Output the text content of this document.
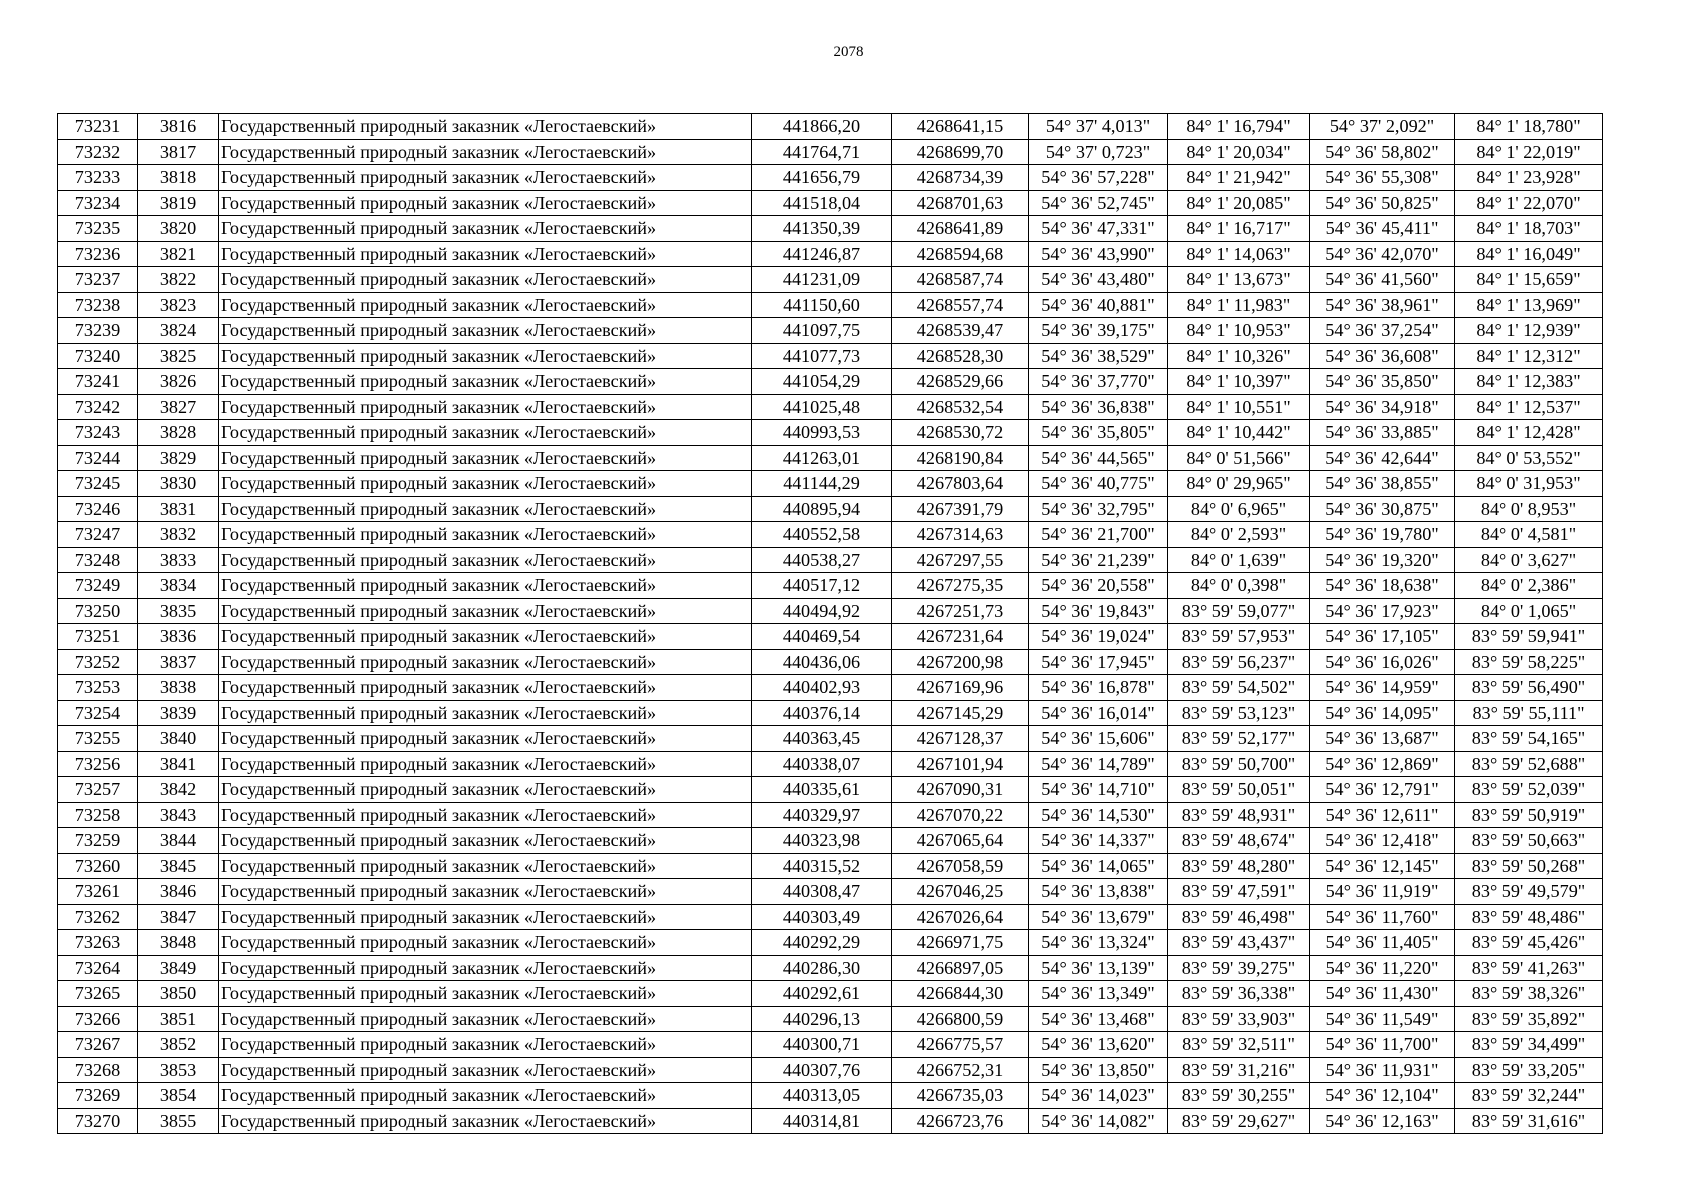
2078
73231	3816	Государственный природный заказник «Легостаевский»	441866,20	4268641,15	54° 37' 4,013"	84° 1' 16,794"	54° 37' 2,092"	84° 1' 18,780"
73232	3817	Государственный природный заказник «Легостаевский»	441764,71	4268699,70	54° 37' 0,723"	84° 1' 20,034"	54° 36' 58,802"	84° 1' 22,019"
73233	3818	Государственный природный заказник «Легостаевский»	441656,79	4268734,39	54° 36' 57,228"	84° 1' 21,942"	54° 36' 55,308"	84° 1' 23,928"
73234	3819	Государственный природный заказник «Легостаевский»	441518,04	4268701,63	54° 36' 52,745"	84° 1' 20,085"	54° 36' 50,825"	84° 1' 22,070"
73235	3820	Государственный природный заказник «Легостаевский»	441350,39	4268641,89	54° 36' 47,331"	84° 1' 16,717"	54° 36' 45,411"	84° 1' 18,703"
73236	3821	Государственный природный заказник «Легостаевский»	441246,87	4268594,68	54° 36' 43,990"	84° 1' 14,063"	54° 36' 42,070"	84° 1' 16,049"
73237	3822	Государственный природный заказник «Легостаевский»	441231,09	4268587,74	54° 36' 43,480"	84° 1' 13,673"	54° 36' 41,560"	84° 1' 15,659"
73238	3823	Государственный природный заказник «Легостаевский»	441150,60	4268557,74	54° 36' 40,881"	84° 1' 11,983"	54° 36' 38,961"	84° 1' 13,969"
73239	3824	Государственный природный заказник «Легостаевский»	441097,75	4268539,47	54° 36' 39,175"	84° 1' 10,953"	54° 36' 37,254"	84° 1' 12,939"
73240	3825	Государственный природный заказник «Легостаевский»	441077,73	4268528,30	54° 36' 38,529"	84° 1' 10,326"	54° 36' 36,608"	84° 1' 12,312"
73241	3826	Государственный природный заказник «Легостаевский»	441054,29	4268529,66	54° 36' 37,770"	84° 1' 10,397"	54° 36' 35,850"	84° 1' 12,383"
73242	3827	Государственный природный заказник «Легостаевский»	441025,48	4268532,54	54° 36' 36,838"	84° 1' 10,551"	54° 36' 34,918"	84° 1' 12,537"
73243	3828	Государственный природный заказник «Легостаевский»	440993,53	4268530,72	54° 36' 35,805"	84° 1' 10,442"	54° 36' 33,885"	84° 1' 12,428"
73244	3829	Государственный природный заказник «Легостаевский»	441263,01	4268190,84	54° 36' 44,565"	84° 0' 51,566"	54° 36' 42,644"	84° 0' 53,552"
73245	3830	Государственный природный заказник «Легостаевский»	441144,29	4267803,64	54° 36' 40,775"	84° 0' 29,965"	54° 36' 38,855"	84° 0' 31,953"
73246	3831	Государственный природный заказник «Легостаевский»	440895,94	4267391,79	54° 36' 32,795"	84° 0' 6,965"	54° 36' 30,875"	84° 0' 8,953"
73247	3832	Государственный природный заказник «Легостаевский»	440552,58	4267314,63	54° 36' 21,700"	84° 0' 2,593"	54° 36' 19,780"	84° 0' 4,581"
73248	3833	Государственный природный заказник «Легостаевский»	440538,27	4267297,55	54° 36' 21,239"	84° 0' 1,639"	54° 36' 19,320"	84° 0' 3,627"
73249	3834	Государственный природный заказник «Легостаевский»	440517,12	4267275,35	54° 36' 20,558"	84° 0' 0,398"	54° 36' 18,638"	84° 0' 2,386"
73250	3835	Государственный природный заказник «Легостаевский»	440494,92	4267251,73	54° 36' 19,843"	83° 59' 59,077"	54° 36' 17,923"	84° 0' 1,065"
73251	3836	Государственный природный заказник «Легостаевский»	440469,54	4267231,64	54° 36' 19,024"	83° 59' 57,953"	54° 36' 17,105"	83° 59' 59,941"
73252	3837	Государственный природный заказник «Легостаевский»	440436,06	4267200,98	54° 36' 17,945"	83° 59' 56,237"	54° 36' 16,026"	83° 59' 58,225"
73253	3838	Государственный природный заказник «Легостаевский»	440402,93	4267169,96	54° 36' 16,878"	83° 59' 54,502"	54° 36' 14,959"	83° 59' 56,490"
73254	3839	Государственный природный заказник «Легостаевский»	440376,14	4267145,29	54° 36' 16,014"	83° 59' 53,123"	54° 36' 14,095"	83° 59' 55,111"
73255	3840	Государственный природный заказник «Легостаевский»	440363,45	4267128,37	54° 36' 15,606"	83° 59' 52,177"	54° 36' 13,687"	83° 59' 54,165"
73256	3841	Государственный природный заказник «Легостаевский»	440338,07	4267101,94	54° 36' 14,789"	83° 59' 50,700"	54° 36' 12,869"	83° 59' 52,688"
73257	3842	Государственный природный заказник «Легостаевский»	440335,61	4267090,31	54° 36' 14,710"	83° 59' 50,051"	54° 36' 12,791"	83° 59' 52,039"
73258	3843	Государственный природный заказник «Легостаевский»	440329,97	4267070,22	54° 36' 14,530"	83° 59' 48,931"	54° 36' 12,611"	83° 59' 50,919"
73259	3844	Государственный природный заказник «Легостаевский»	440323,98	4267065,64	54° 36' 14,337"	83° 59' 48,674"	54° 36' 12,418"	83° 59' 50,663"
73260	3845	Государственный природный заказник «Легостаевский»	440315,52	4267058,59	54° 36' 14,065"	83° 59' 48,280"	54° 36' 12,145"	83° 59' 50,268"
73261	3846	Государственный природный заказник «Легостаевский»	440308,47	4267046,25	54° 36' 13,838"	83° 59' 47,591"	54° 36' 11,919"	83° 59' 49,579"
73262	3847	Государственный природный заказник «Легостаевский»	440303,49	4267026,64	54° 36' 13,679"	83° 59' 46,498"	54° 36' 11,760"	83° 59' 48,486"
73263	3848	Государственный природный заказник «Легостаевский»	440292,29	4266971,75	54° 36' 13,324"	83° 59' 43,437"	54° 36' 11,405"	83° 59' 45,426"
73264	3849	Государственный природный заказник «Легостаевский»	440286,30	4266897,05	54° 36' 13,139"	83° 59' 39,275"	54° 36' 11,220"	83° 59' 41,263"
73265	3850	Государственный природный заказник «Легостаевский»	440292,61	4266844,30	54° 36' 13,349"	83° 59' 36,338"	54° 36' 11,430"	83° 59' 38,326"
73266	3851	Государственный природный заказник «Легостаевский»	440296,13	4266800,59	54° 36' 13,468"	83° 59' 33,903"	54° 36' 11,549"	83° 59' 35,892"
73267	3852	Государственный природный заказник «Легостаевский»	440300,71	4266775,57	54° 36' 13,620"	83° 59' 32,511"	54° 36' 11,700"	83° 59' 34,499"
73268	3853	Государственный природный заказник «Легостаевский»	440307,76	4266752,31	54° 36' 13,850"	83° 59' 31,216"	54° 36' 11,931"	83° 59' 33,205"
73269	3854	Государственный природный заказник «Легостаевский»	440313,05	4266735,03	54° 36' 14,023"	83° 59' 30,255"	54° 36' 12,104"	83° 59' 32,244"
73270	3855	Государственный природный заказник «Легостаевский»	440314,81	4266723,76	54° 36' 14,082"	83° 59' 29,627"	54° 36' 12,163"	83° 59' 31,616"
